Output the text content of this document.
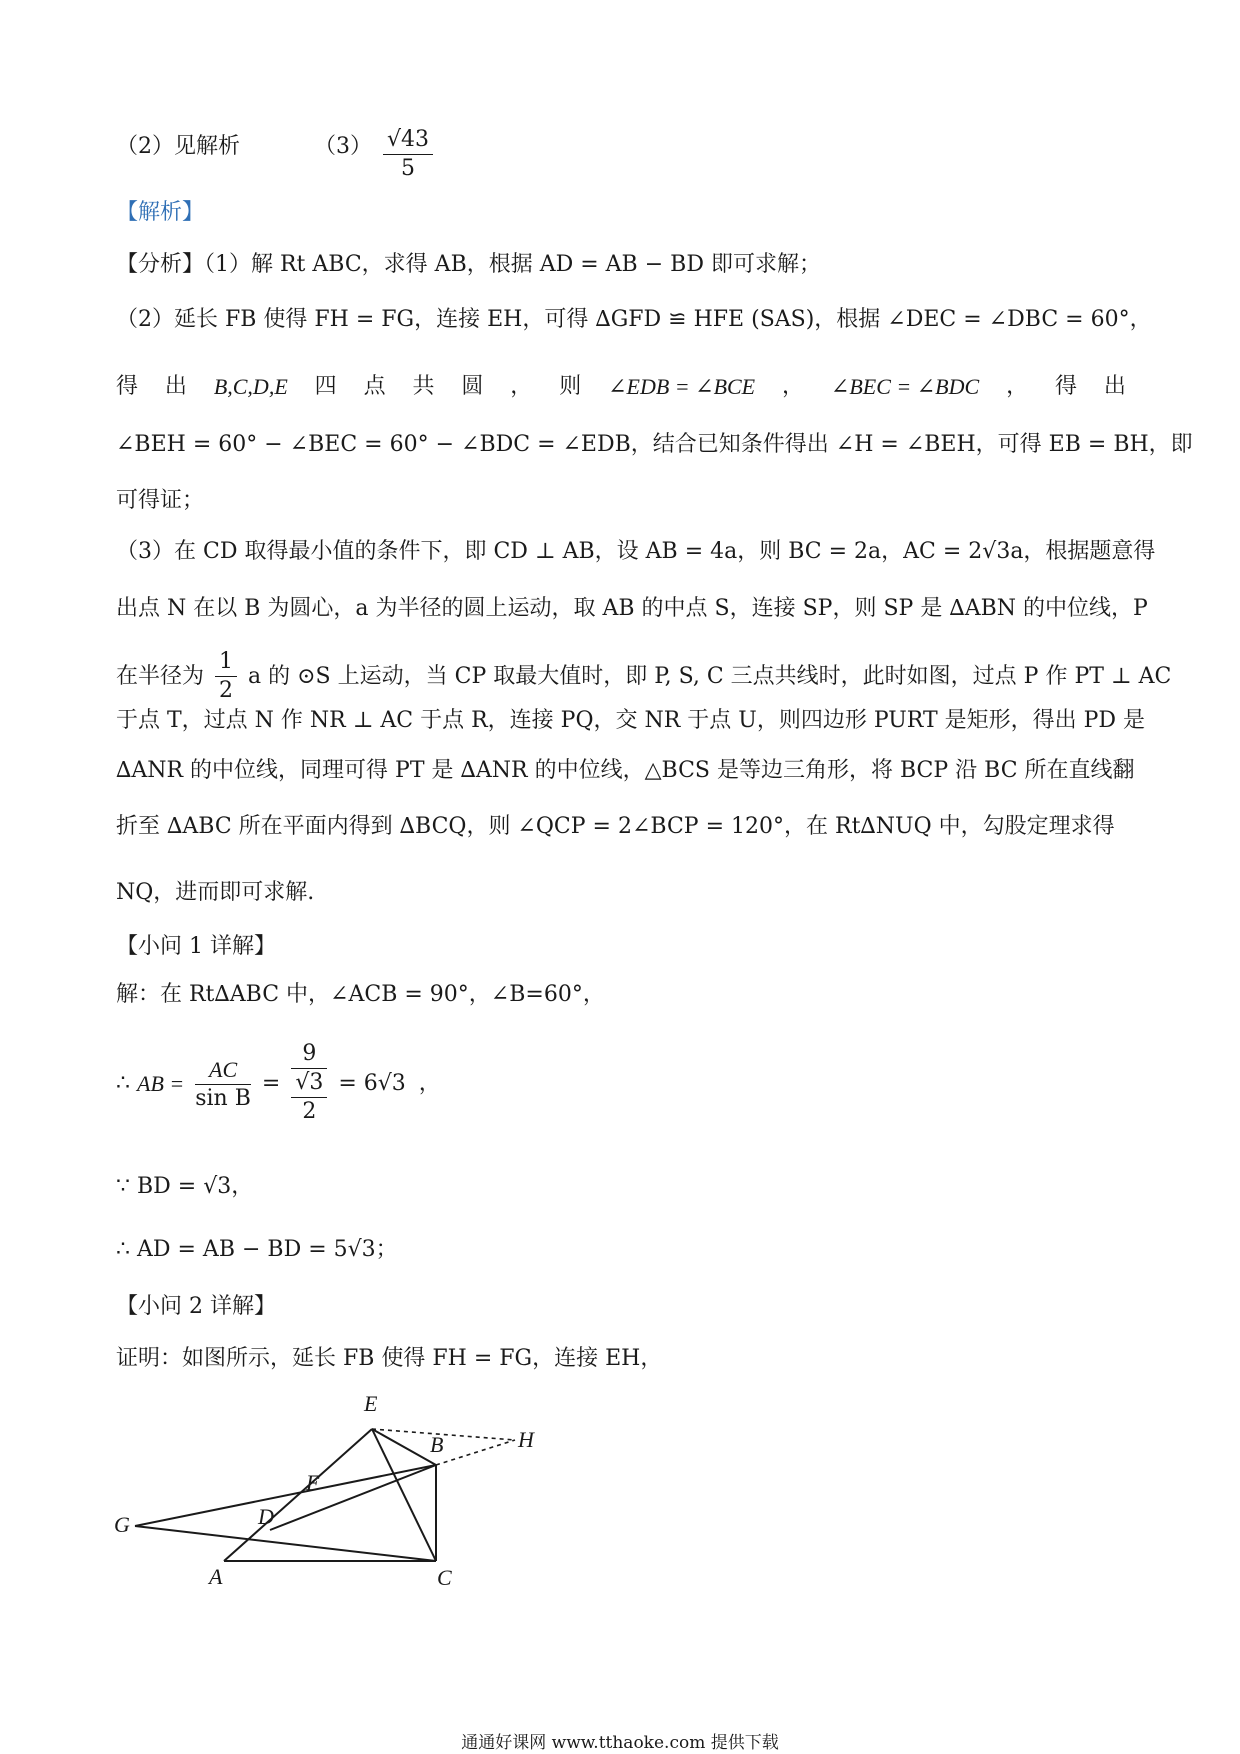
（2）见解析	$(3) \frac{√43}{5}$
【解析】
【分析】（1）解 Rt ABC，求得 AB，根据 AD = AB − BD 即可求解；
（2）延长 FB 使得 FH = FG，连接 EH，可得 ∆GFD ≌ HFE (SAS)，根据 ∠DEC = ∠DBC = 60°，
得 出 B,C,D,E 四 点 共 圆 ， 则 ∠EDB = ∠BCE ， ∠BEC = ∠BDC ， 得 出
∠BEH = 60° − ∠BEC = 60° − ∠BDC = ∠EDB，结合已知条件得出 ∠H = ∠BEH，可得 EB = BH，即
可得证；
（3）在 CD 取得最小值的条件下，即 CD ⊥ AB，设 AB = 4a，则 BC = 2a，AC = 2√3a，根据题意得
出点 N 在以 B 为圆心，a 为半径的圆上运动，取 AB 的中点 S，连接 SP，则 SP 是 ∆ABN 的中位线，P
在半径为 $\frac{1}{2}$ a 的 ⊙S 上运动，当 CP 取最大值时，即 P, S, C 三点共线时，此时如图，过点 P 作 PT ⊥ AC
于点 T，过点 N 作 NR ⊥ AC 于点 R，连接 PQ，交 NR 于点 U，则四边形 PURT 是矩形，得出 PD 是
∆ANR 的中位线，同理可得 PT 是 ∆ANR 的中位线，△BCS 是等边三角形，将 BCP 沿 BC 所在直线翻
折至 ∆ABC 所在平面内得到 ∆BCQ，则 ∠QCP = 2∠BCP = 120°，在 Rt∆NUQ 中，勾股定理求得
NQ，进而即可求解.
【小问 1 详解】
解：在 Rt∆ABC 中，∠ACB = 90°，∠B=60°，
∴ AB = $\frac{AC}{\text{sin B}} = 9$
√3
2 = 6√3 ，
∵ BD = √3，
∴ AD = AB − BD = 5√3；
【小问 2 详解】
证明：如图所示，延长 FB 使得 FH = FG，连接 EH，
E
B	H
F
G	D
A	C
通通好课网 www.tthaoke.com 提供下载
